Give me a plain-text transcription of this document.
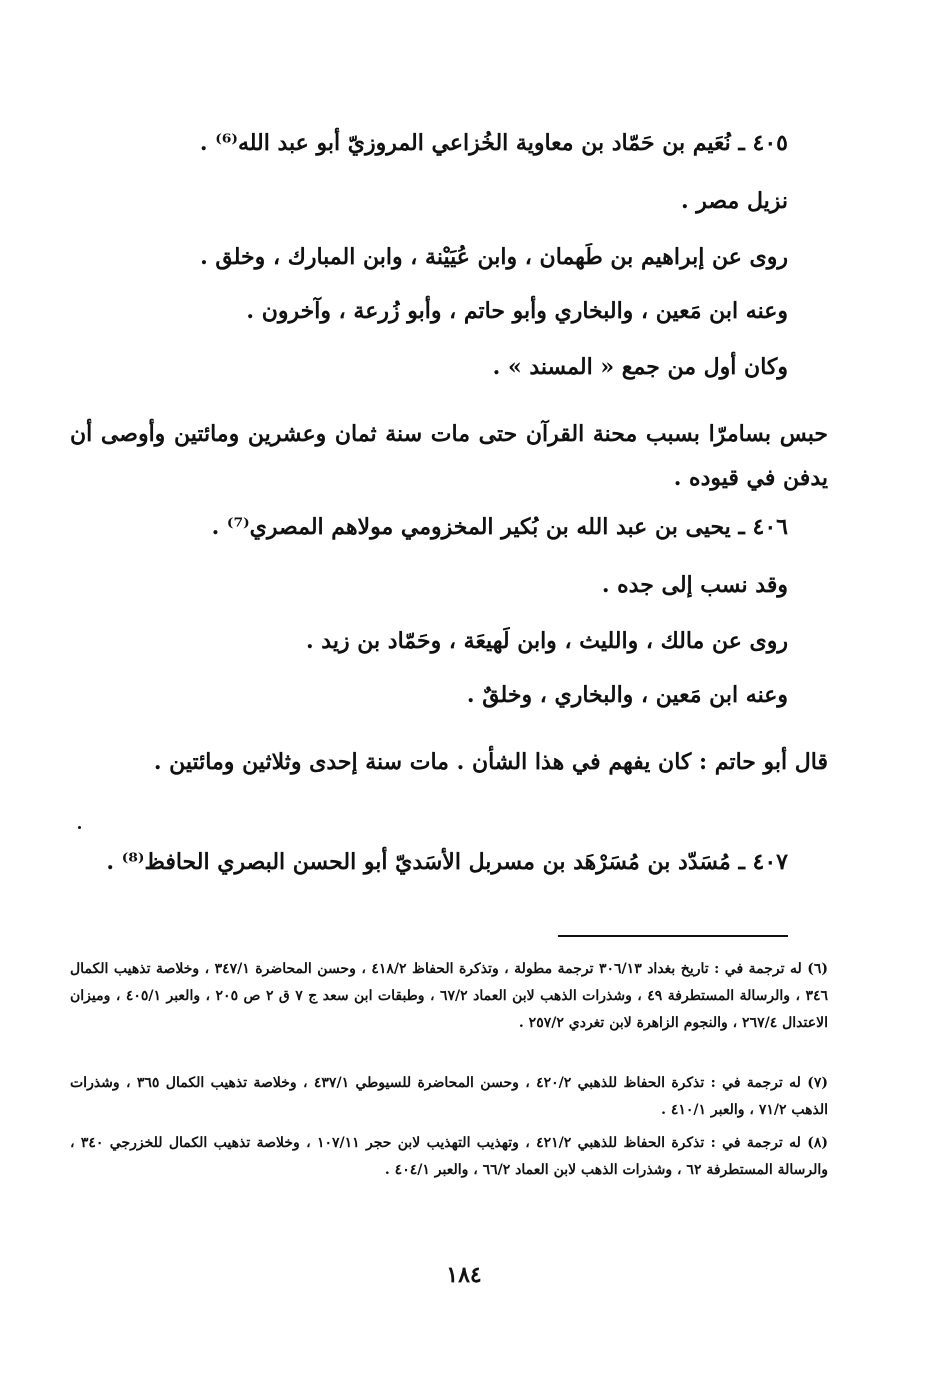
٤٠٥ ـ نُعَيم بن حَمّاد بن معاوية الخُزاعي المروزيّ أبو عبد الله⁽⁶⁾ .
نزيل مصر .
روى عن إبراهيم بن طَهمان ، وابن عُيَيْنة ، وابن المبارك ، وخلق .
وعنه ابن مَعين ، والبخاري وأبو حاتم ، وأبو زُرعة ، وآخرون .
وكان أول من جمع « المسند » .
حبس بسامرّا بسبب محنة القرآن حتى مات سنة ثمان وعشرين ومائتين وأوصى أن يدفن في قيوده .
٤٠٦ ـ يحيى بن عبد الله بن بُكير المخزومي مولاهم المصري⁽⁷⁾ .
وقد نسب إلى جده .
روى عن مالك ، والليث ، وابن لَهيعَة ، وحَمّاد بن زيد .
وعنه ابن مَعين ، والبخاري ، وخلقٌ .
قال أبو حاتم : كان يفهم في هذا الشأن . مات سنة إحدى وثلاثين ومائتين .
٤٠٧ ـ مُسَدّد بن مُسَرْهَد بن مسربل الأسَديّ أبو الحسن البصري الحافظ⁽⁸⁾ .
(٦) له ترجمة في : تاريخ بغداد ٣٠٦/١٣ ترجمة مطولة ، وتذكرة الحفاظ ٤١٨/٢ ، وحسن المحاضرة ٣٤٧/١ ، وخلاصة تذهيب الكمال ٣٤٦ ، والرسالة المستطرفة ٤٩ ، وشذرات الذهب لابن العماد ٦٧/٢ ، وطبقات ابن سعد ج ٧ ق ٢ ص ٢٠٥ ، والعبر ٤٠٥/١ ، وميزان الاعتدال ٢٦٧/٤ ، والنجوم الزاهرة لابن تغردي ٢٥٧/٢ .
(٧) له ترجمة في : تذكرة الحفاظ للذهبي ٤٢٠/٢ ، وحسن المحاضرة للسيوطي ٤٣٧/١ ، وخلاصة تذهيب الكمال ٣٦٥ ، وشذرات الذهب ٧١/٢ ، والعبر ٤١٠/١ .
(٨) له ترجمة في : تذكرة الحفاظ للذهبي ٤٢١/٢ ، وتهذيب التهذيب لابن حجر ١٠٧/١١ ، وخلاصة تذهيب الكمال للخزرجي ٣٤٠ ، والرسالة المستطرفة ٦٢ ، وشذرات الذهب لابن العماد ٦٦/٢ ، والعبر ٤٠٤/١ .
١٨٤
